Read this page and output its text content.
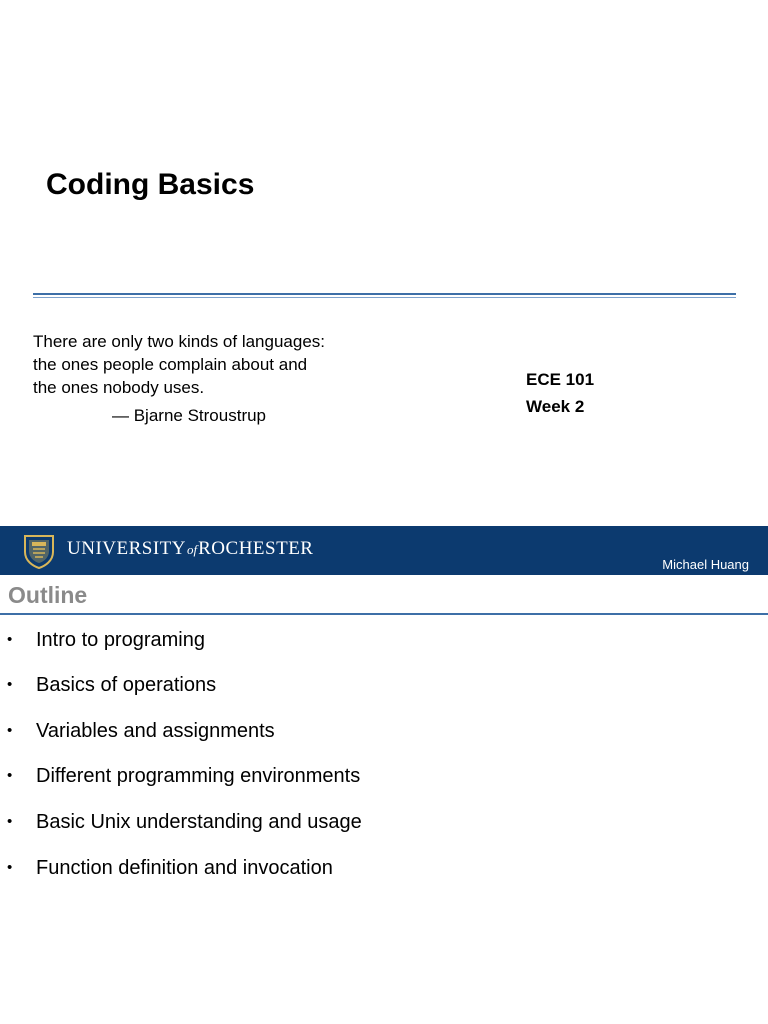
Coding Basics
There are only two kinds of languages:
the ones people complain about and
the ones nobody uses.
— Bjarne Stroustrup
ECE 101
Week 2
UNIVERSITYofROCHESTER
Michael Huang
Outline
• Intro to programing
• Basics of operations
• Variables and assignments
• Different programming environments
• Basic Unix understanding and usage
• Function definition and invocation
